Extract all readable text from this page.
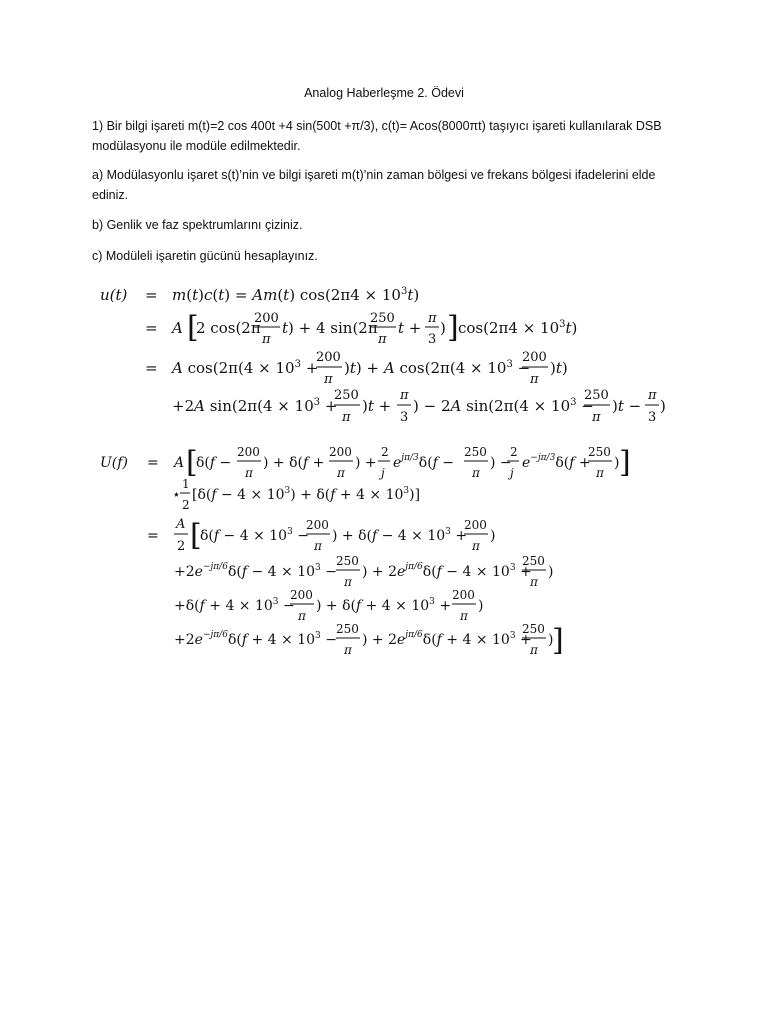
Analog Haberleşme 2. Ödevi
1) Bir bilgi işareti m(t)=2 cos 400t +4 sin(500t +π/3), c(t)= Acos(8000πt) taşıyıcı işareti kullanılarak DSB modülasyonu ile modüle edilmektedir.
a) Modülasyonlu işaret s(t)’nin ve bilgi işareti m(t)’nin zaman bölgesi ve frekans bölgesi ifadelerini elde ediniz.
b) Genlik ve faz spektrumlarını çiziniz.
c) Modüleli işaretin gücünü hesaplayınız.
u(t) = m(t)c(t) = Am(t) $\cos(2\pi 4 \times 10^3t)$
= A [
2 cos(2π
200
π
t) + 4 sin(2π
250
π
t +
π
3
) ] $\cos(2\pi 4 \times 10^3t)$
= A $\cos(2\pi(4 \times 10^3$ +
200
π
)t) + A $\cos(2\pi(4 \times 10^3$ −
200
π
)t)
+2A $\sin(2\pi(4 \times 10^3$ +
250
π
)t +
π
3
) − 2A $\sin(2\pi(4 \times 10^3$ −
250
π
)t −
π
3
)
U(f) = A [
δ(f −
200
π
) + δ(f +
200
π
) +
2
j
$e^{j\pi/3}\delta(f$ −
250
π
) −
2
j
$e^{-j\pi/3}\delta(f$ +
250
π
) ]
⋆
1
2
$[\delta(f - 4 \times 10^3) + \delta(f + 4 \times 10^3)]$
=
A
2 [
$\delta(f - 4 \times 10^3$ −
200
π
) + $\delta(f - 4 \times 10^3$ +
200
π
)
$+2e^{-j\pi/6}\delta(f - 4 \times 10^3$ −
250
π
) + $2e^{j\pi/6}\delta(f - 4 \times 10^3$ +
250
π
)
$+\delta(f + 4 \times 10^3$ −
200
π
) + $\delta(f + 4 \times 10^3$ +
200
π
)
$+2e^{-j\pi/6}\delta(f + 4 \times 10^3$ −
250
π
) + $2e^{j\pi/6}\delta(f + 4 \times 10^3$ +
250
π
)
]
